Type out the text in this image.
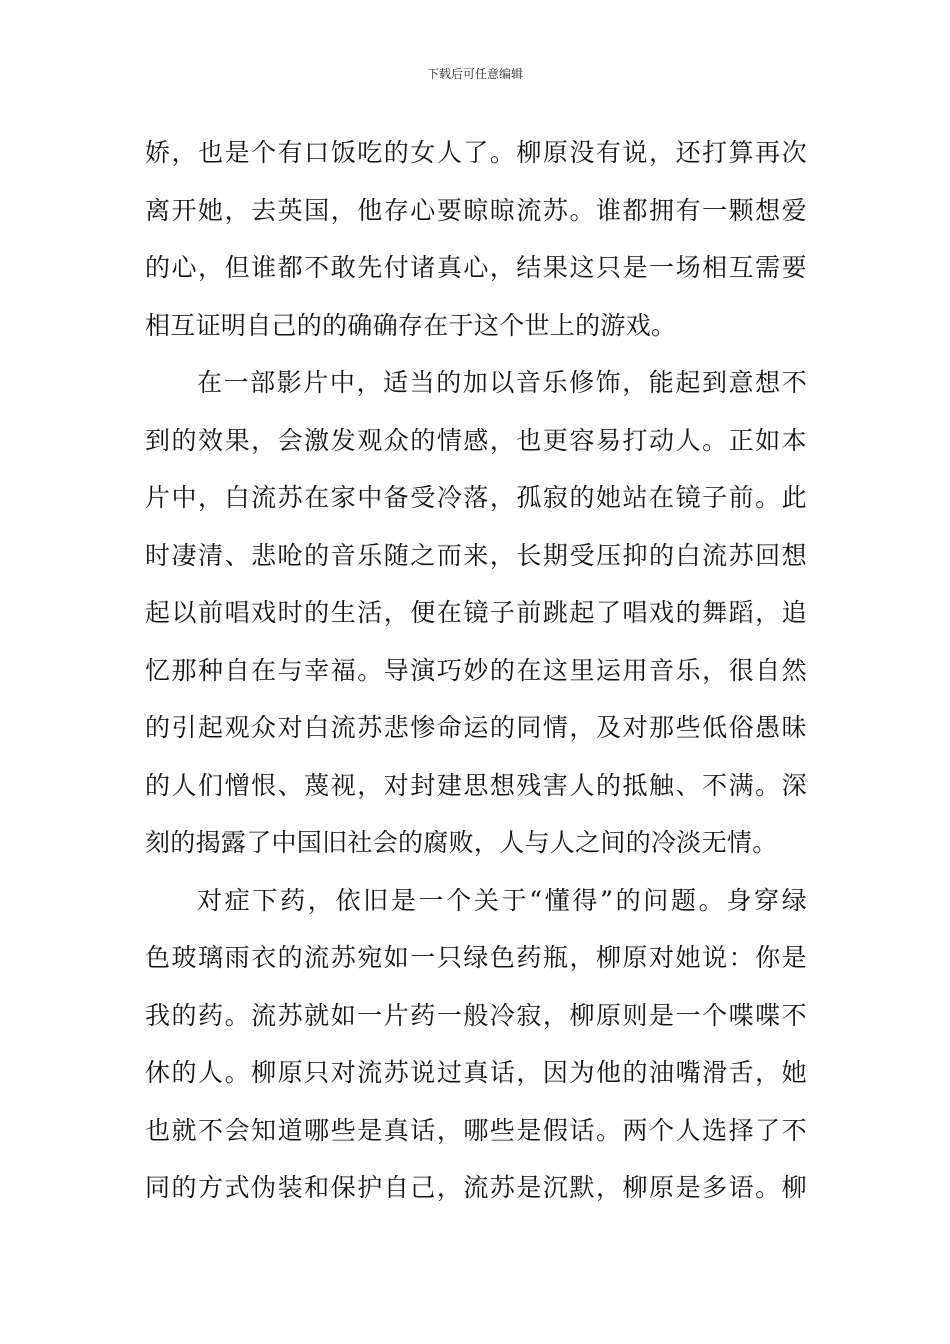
下载后可任意编辑
娇，也是个有口饭吃的女人了。柳原没有说，还打算再次
离开她，去英国，他存心要晾晾流苏。谁都拥有一颗想爱
的心，但谁都不敢先付诸真心，结果这只是一场相互需要
相互证明自己的的确确存在于这个世上的游戏。
在一部影片中，适当的加以音乐修饰，能起到意想不
到的效果，会激发观众的情感，也更容易打动人。正如本
片中，白流苏在家中备受冷落，孤寂的她站在镜子前。此
时凄清、悲呛的音乐随之而来，长期受压抑的白流苏回想
起以前唱戏时的生活，便在镜子前跳起了唱戏的舞蹈，追
忆那种自在与幸福。导演巧妙的在这里运用音乐，很自然
的引起观众对白流苏悲惨命运的同情，及对那些低俗愚昧
的人们憎恨、蔑视，对封建思想残害人的抵触、不满。深
刻的揭露了中国旧社会的腐败，人与人之间的冷淡无情。
对症下药，依旧是一个关于“懂得”的问题。身穿绿
色玻璃雨衣的流苏宛如一只绿色药瓶，柳原对她说：你是
我的药。流苏就如一片药一般冷寂，柳原则是一个喋喋不
休的人。柳原只对流苏说过真话，因为他的油嘴滑舌，她
也就不会知道哪些是真话，哪些是假话。两个人选择了不
同的方式伪装和保护自己，流苏是沉默，柳原是多语。柳
